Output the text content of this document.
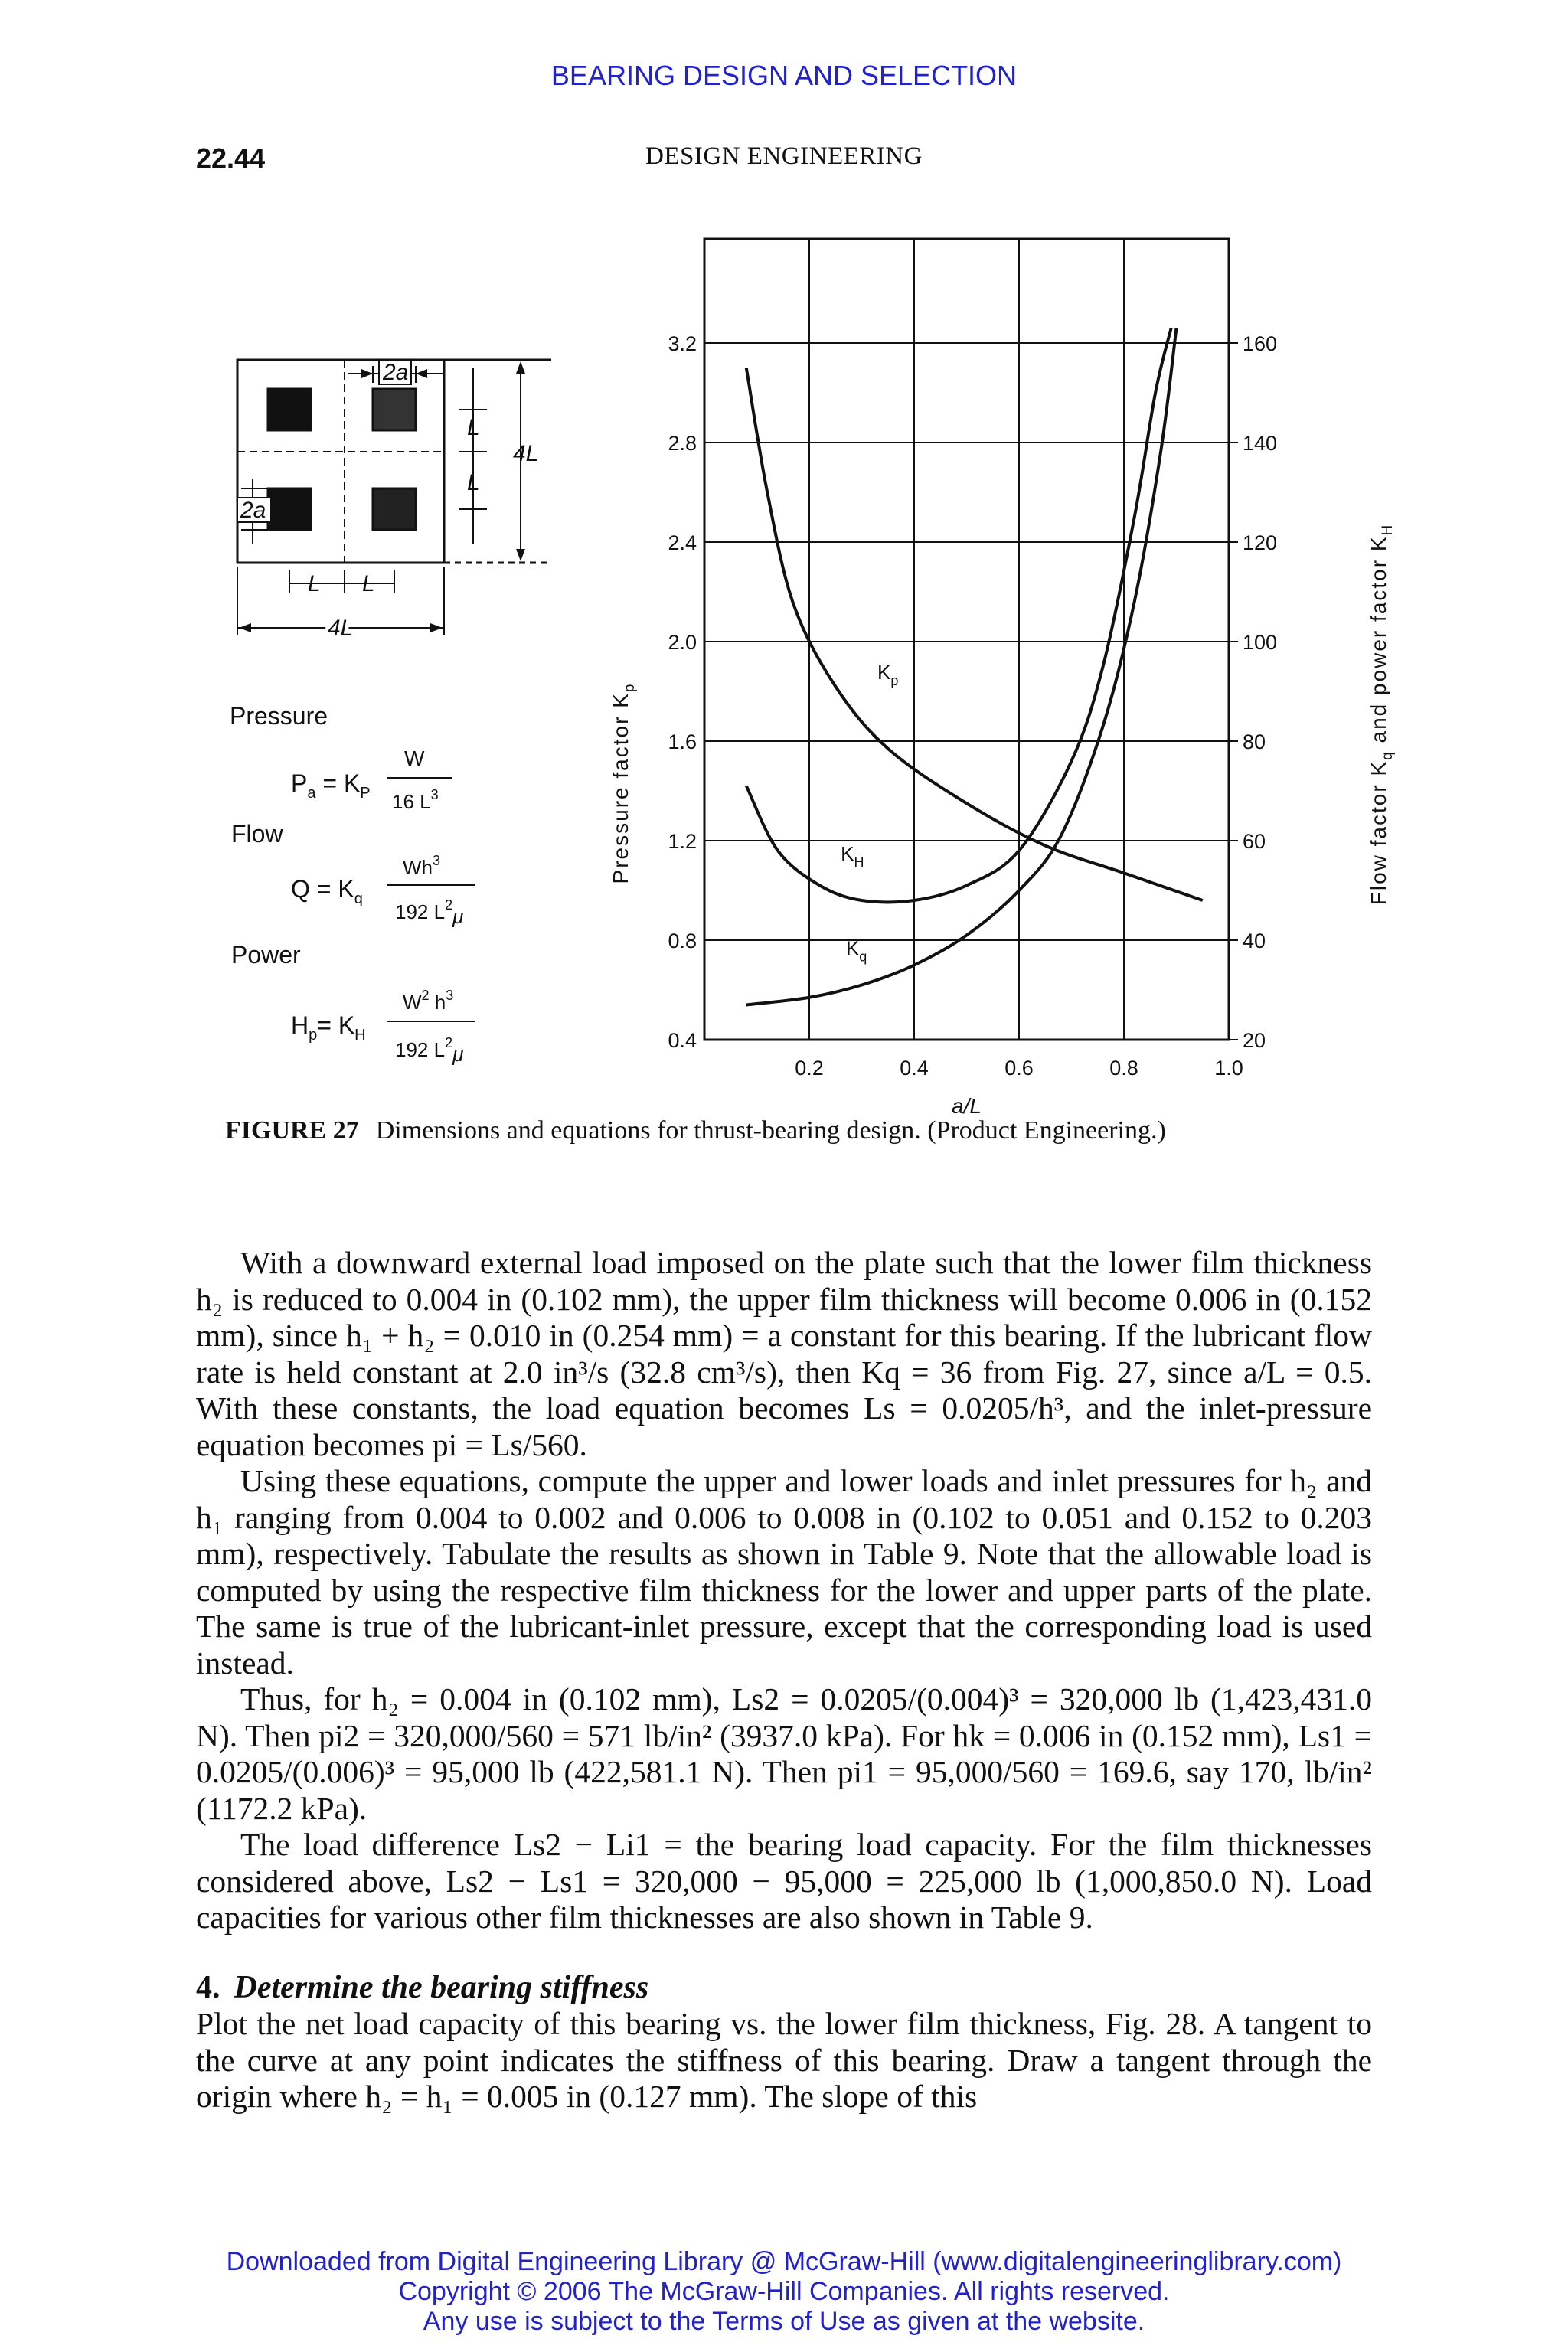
BEARING DESIGN AND SELECTION
22.44	DESIGN ENGINEERING
2a
2a
L
L
4L
L L
4L
Pressure
$P_a = K_P$
W
16 $L^3$
Flow
$Q = K_q$
Wh$^3$
192 $L^2\mu$
Power
$H_p= K_H$
$W^2$ $h^3$
192 $L^2\mu$
0.2	0.4	0.6	0.8	1.0
0.4
0.8
1.2
1.6
2.0
2.4
2.8
3.2
20
40
60
80
100
120
140
160
a/L
Pressure factor $K_p$
Flow factor $K_q$ and power factor $K_H$
$K_p$
$K_H$
$K_q$
FIGURE 27 Dimensions and equations for thrust-bearing design. (Product Engineering.)

With a downward external load imposed on the plate such that the lower film thickness h₂ is reduced to 0.004 in (0.102 mm), the upper film thickness will become 0.006 in (0.152 mm), since h₁ + h₂ = 0.010 in (0.254 mm) = a constant for this bearing. If the lubricant flow rate is held constant at 2.0 in³/s (32.8 cm³/s), then Kq = 36 from Fig. 27, since a/L = 0.5. With these constants, the load equation becomes Ls = 0.0205/h³, and the inlet-pressure equation becomes pi = Ls/560.

Using these equations, compute the upper and lower loads and inlet pressures for h₂ and h₁ ranging from 0.004 to 0.002 and 0.006 to 0.008 in (0.102 to 0.051 and 0.152 to 0.203 mm), respectively. Tabulate the results as shown in Table 9. Note that the allowable load is computed by using the respective film thickness for the lower and upper parts of the plate. The same is true of the lubricant-inlet pressure, except that the corresponding load is used instead.

Thus, for h₂ = 0.004 in (0.102 mm), Ls2 = 0.0205/(0.004)³ = 320,000 lb (1,423,431.0 N). Then pi2 = 320,000/560 = 571 lb/in² (3937.0 kPa). For hk = 0.006 in (0.152 mm), Ls1 = 0.0205/(0.006)³ = 95,000 lb (422,581.1 N). Then pi1 = 95,000/560 = 169.6, say 170, lb/in² (1172.2 kPa).

The load difference Ls2 − Li1 = the bearing load capacity. For the film thicknesses considered above, Ls2 − Ls1 = 320,000 − 95,000 = 225,000 lb (1,000,850.0 N). Load capacities for various other film thicknesses are also shown in Table 9.

4. Determine the bearing stiffness

Plot the net load capacity of this bearing vs. the lower film thickness, Fig. 28. A tangent to the curve at any point indicates the stiffness of this bearing. Draw a tangent through the origin where h₂ = h₁ = 0.005 in (0.127 mm). The slope of this

Downloaded from Digital Engineering Library @ McGraw-Hill (www.digitalengineeringlibrary.com)
Copyright © 2006 The McGraw-Hill Companies. All rights reserved.
Any use is subject to the Terms of Use as given at the website.
